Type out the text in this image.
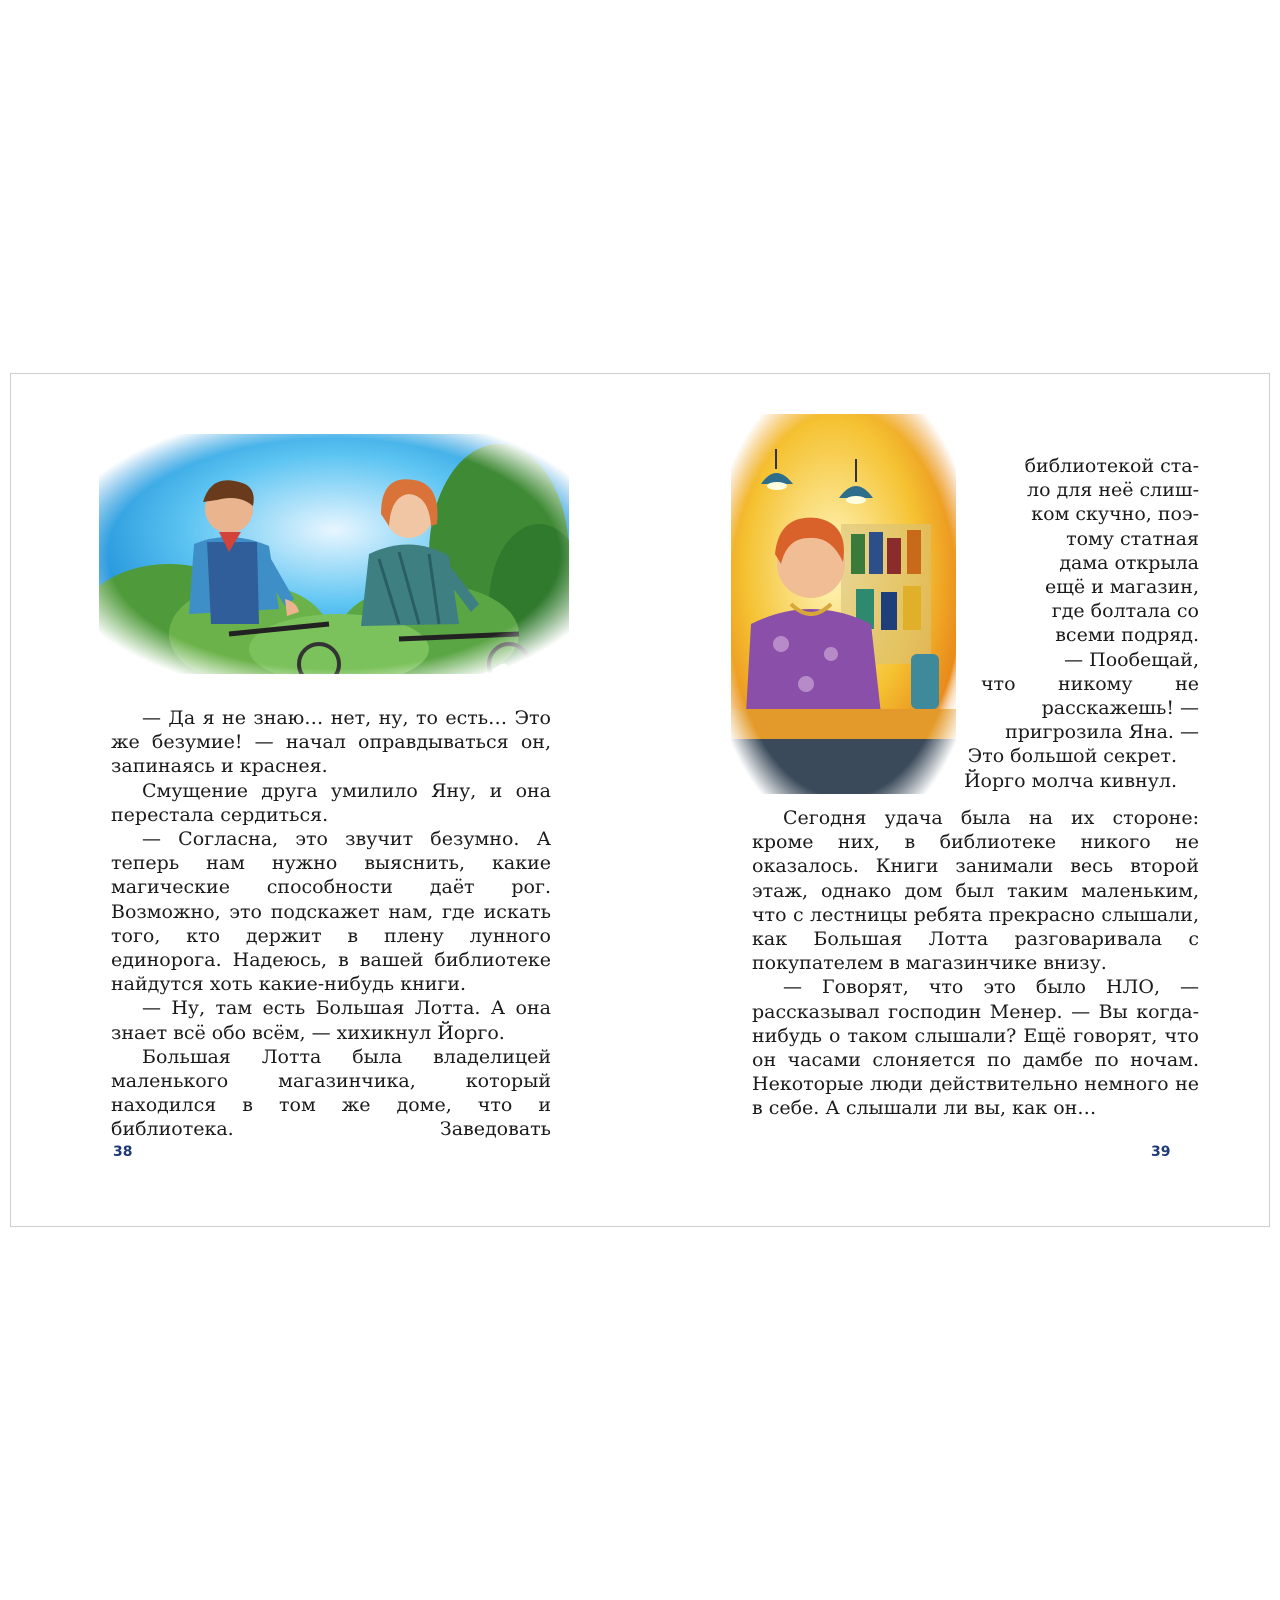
— Да я не знаю… нет, ну, то есть… Это же безумие! — начал оправдываться он, запинаясь и краснея.

Смущение друга умилило Яну, и она перестала сердиться.

— Согласна, это звучит безумно. А теперь нам нужно выяснить, какие магические способности даёт рог. Возможно, это подскажет нам, где искать того, кто держит в плену лунного единорога. Надеюсь, в вашей библиотеке найдутся хоть какие-нибудь книги.

— Ну, там есть Большая Лотта. А она знает всё обо всём, — хихикнул Йорго.

Большая Лотта была владелицей маленького магазинчика, который находился в том же доме, что и библиотека. Заведовать

38
библиотекой ста-
ло для неё слиш-
ком скучно, поэ-
тому статная
дама открыла
ещё и магазин,
где болтала со
всеми подряд.
— Пообещай,
что никому не
расскажешь! —
пригрозила Яна. —
Это большой секрет.
Йорго молча кивнул.

Сегодня удача была на их стороне: кроме них, в библиотеке никого не оказалось. Книги занимали весь второй этаж, однако дом был таким маленьким, что с лестницы ребята прекрасно слышали, как Большая Лотта разговаривала с покупателем в магазинчике внизу.

— Говорят, что это было НЛО, — рассказывал господин Менер. — Вы когда-нибудь о таком слышали? Ещё говорят, что он часами слоняется по дамбе по ночам. Некоторые люди действительно немного не в себе. А слышали ли вы, как он…

39
